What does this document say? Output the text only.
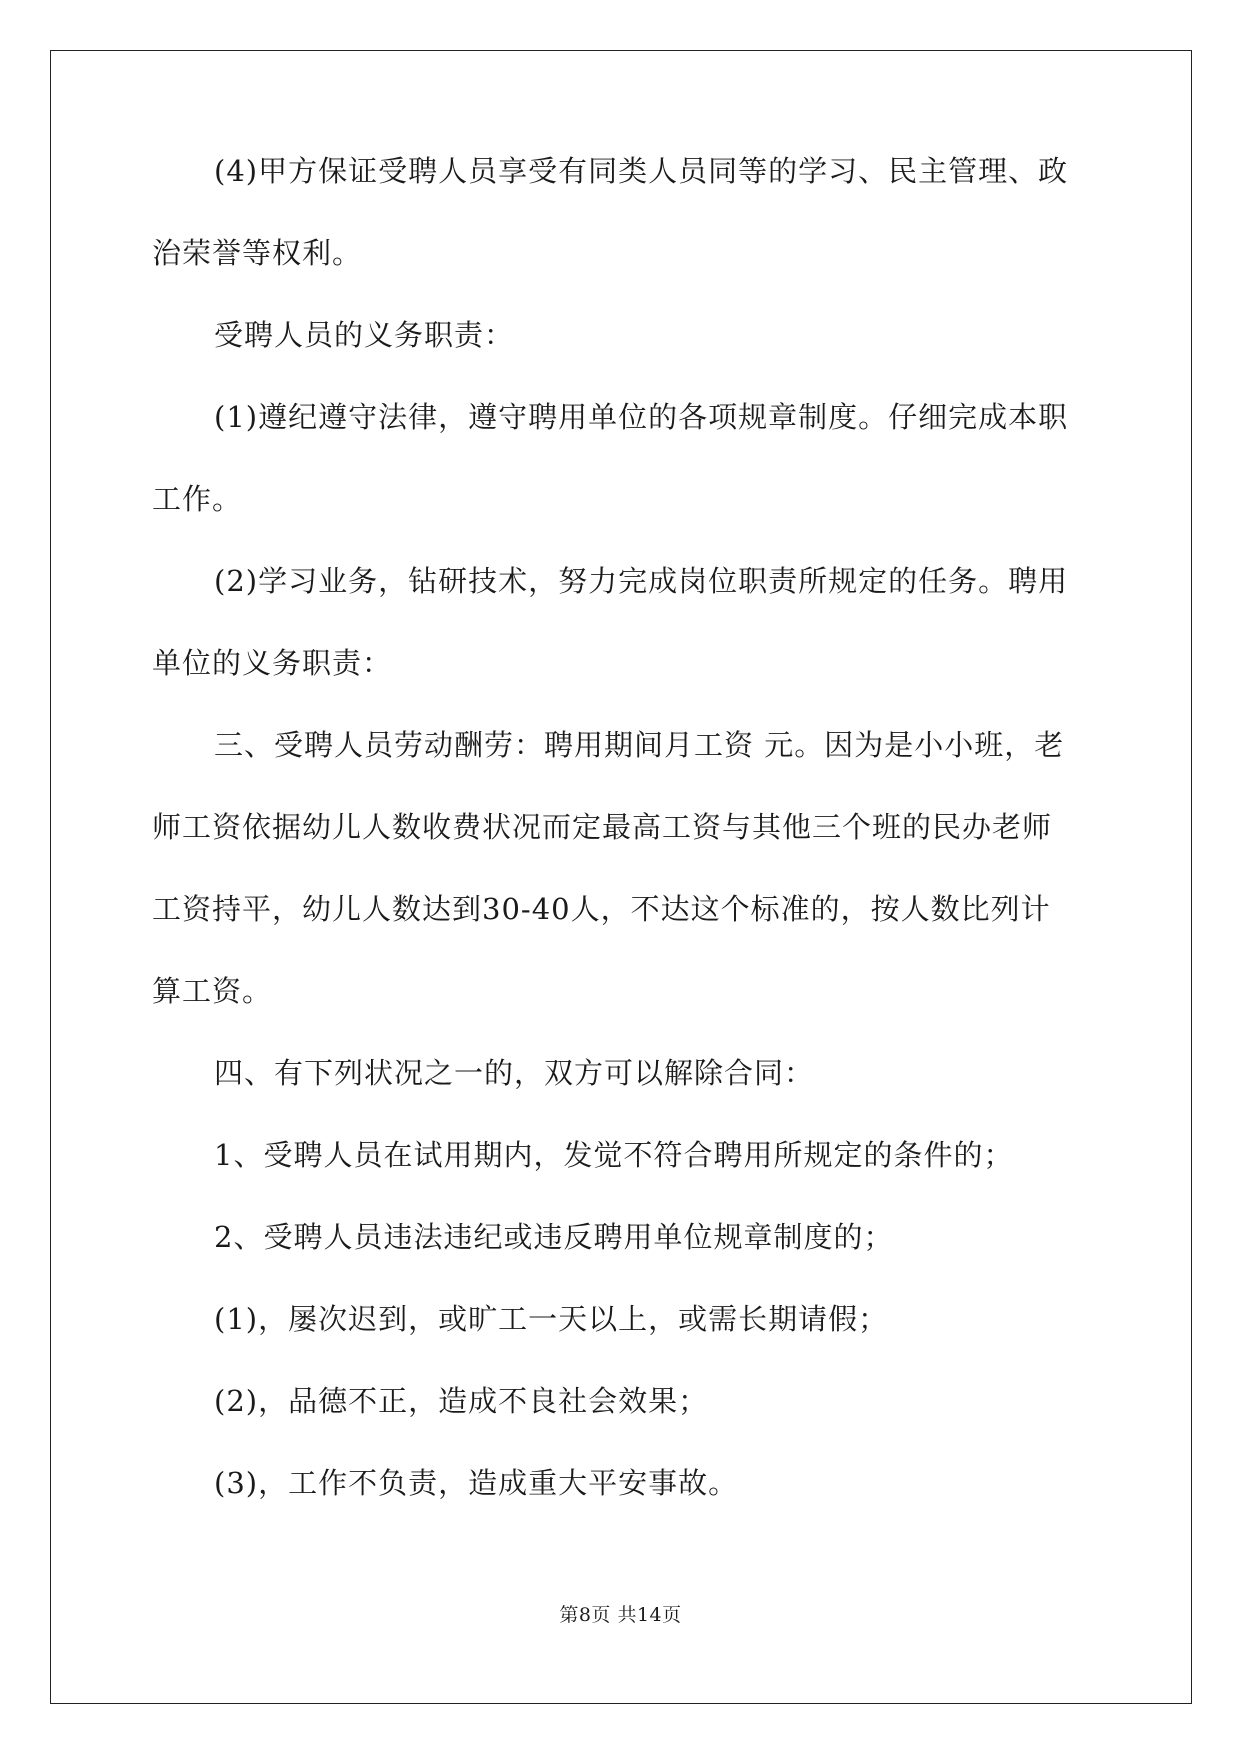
(4)甲方保证受聘人员享受有同类人员同等的学习、民主管理、政

治荣誉等权利。

受聘人员的义务职责：

(1)遵纪遵守法律，遵守聘用单位的各项规章制度。仔细完成本职

工作。

(2)学习业务，钻研技术，努力完成岗位职责所规定的任务。聘用

单位的义务职责：

三、受聘人员劳动酬劳：聘用期间月工资 元。因为是小小班，老

师工资依据幼儿人数收费状况而定最高工资与其他三个班的民办老师

工资持平，幼儿人数达到30-40人，不达这个标准的，按人数比列计

算工资。

四、有下列状况之一的，双方可以解除合同：

1、受聘人员在试用期内，发觉不符合聘用所规定的条件的；

2、受聘人员违法违纪或违反聘用单位规章制度的；

(1)，屡次迟到，或旷工一天以上，或需长期请假；

(2)，品德不正，造成不良社会效果；

(3)，工作不负责，造成重大平安事故。

第8页 共14页
